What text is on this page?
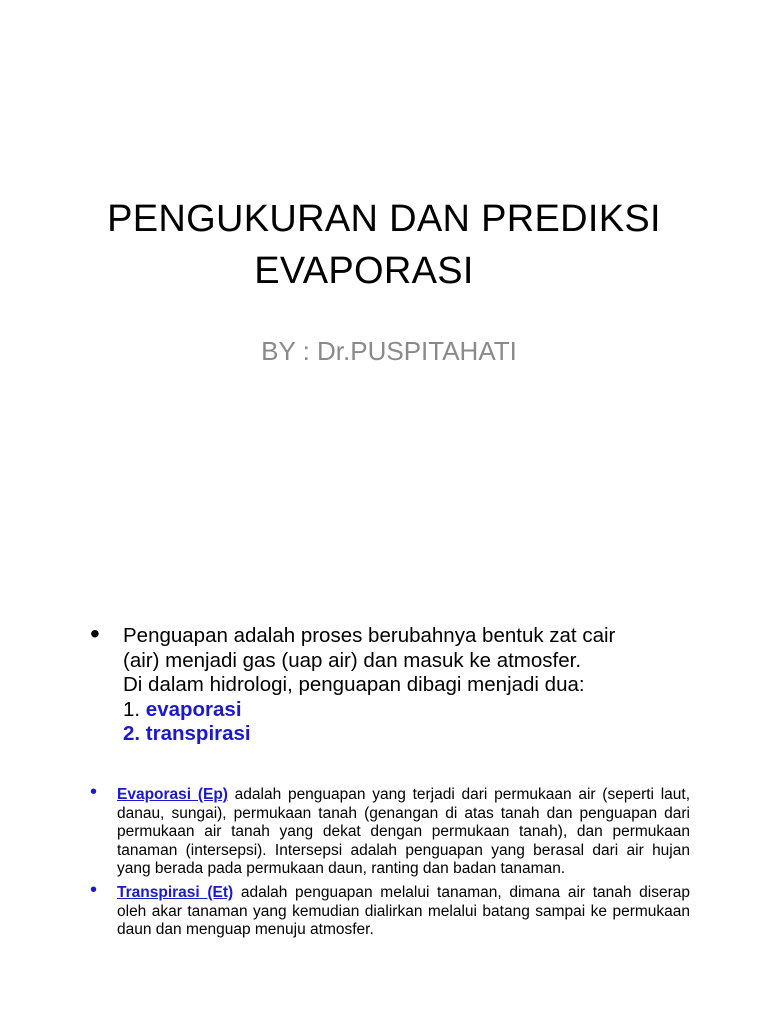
PENGUKURAN DAN PREDIKSI
EVAPORASI
BY : Dr.PUSPITAHATI
• Penguapan adalah proses berubahnya bentuk zat cair
(air) menjadi gas (uap air) dan masuk ke atmosfer.
Di dalam hidrologi, penguapan dibagi menjadi dua:
1. evaporasi
2. transpirasi
• Evaporasi (Ep) adalah penguapan yang terjadi dari permukaan air (seperti laut, danau, sungai), permukaan tanah (genangan di atas tanah dan penguapan dari permukaan air tanah yang dekat dengan permukaan tanah), dan permukaan tanaman (intersepsi). Intersepsi adalah penguapan yang berasal dari air hujan yang berada pada permukaan daun, ranting dan badan tanaman.
• Transpirasi (Et) adalah penguapan melalui tanaman, dimana air tanah diserap oleh akar tanaman yang kemudian dialirkan melalui batang sampai ke permukaan daun dan menguap menuju atmosfer.
